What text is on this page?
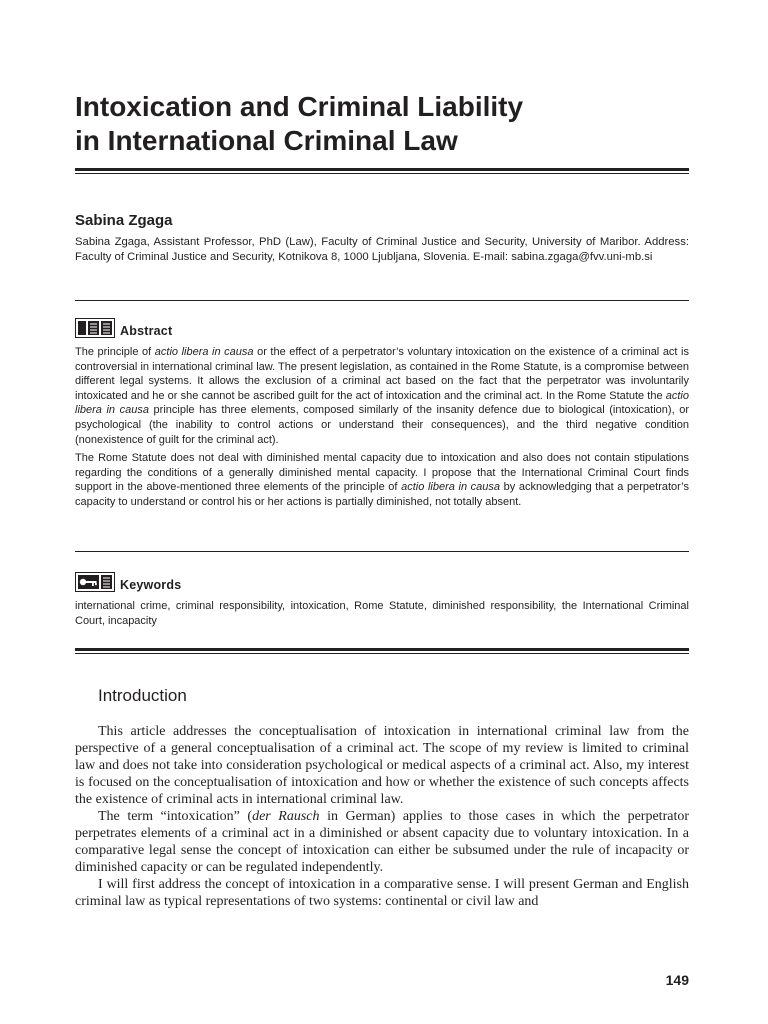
Intoxication and Criminal Liability
in International Criminal Law
Sabina Zgaga
Sabina Zgaga, Assistant Professor, PhD (Law), Faculty of Criminal Justice and Security, University of Maribor. Address: Faculty of Criminal Justice and Security, Kotnikova 8, 1000 Ljubljana, Slovenia. E-mail: sabina.zgaga@fvv.uni-mb.si
Abstract

The principle of actio libera in causa or the effect of a perpetrator’s voluntary intoxication on the existence of a criminal act is controversial in international criminal law. The present legislation, as contained in the Rome Statute, is a compromise between different legal systems. It allows the exclusion of a criminal act based on the fact that the perpetrator was involuntarily intoxicated and he or she cannot be ascribed guilt for the act of intoxication and the criminal act. In the Rome Statute the actio libera in causa principle has three elements, composed similarly of the insanity defence due to biological (intoxication), or psychological (the inability to control actions or understand their consequences), and the third negative condition (nonexistence of guilt for the criminal act).

The Rome Statute does not deal with diminished mental capacity due to intoxication and also does not contain stipulations regarding the conditions of a generally diminished mental capacity. I propose that the International Criminal Court finds support in the above-mentioned three elements of the principle of actio libera in causa by acknowledging that a perpetrator’s capacity to understand or control his or her actions is partially diminished, not totally absent.

Keywords

international crime, criminal responsibility, intoxication, Rome Statute, diminished responsibility, the International Criminal Court, incapacity

Introduction

This article addresses the conceptualisation of intoxication in international criminal law from the perspective of a general conceptualisation of a criminal act. The scope of my review is limited to criminal law and does not take into consideration psychological or medical aspects of a criminal act. Also, my interest is focused on the conceptualisation of intoxication and how or whether the existence of such concepts affects the existence of criminal acts in international criminal law.

The term “intoxication” (der Rausch in German) applies to those cases in which the perpetrator perpetrates elements of a criminal act in a diminished or absent capacity due to voluntary intoxication. In a comparative legal sense the concept of intoxication can either be subsumed under the rule of incapacity or diminished capacity or can be regulated independently.

I will first address the concept of intoxication in a comparative sense. I will present German and English criminal law as typical representations of two systems: continental or civil law and

149
